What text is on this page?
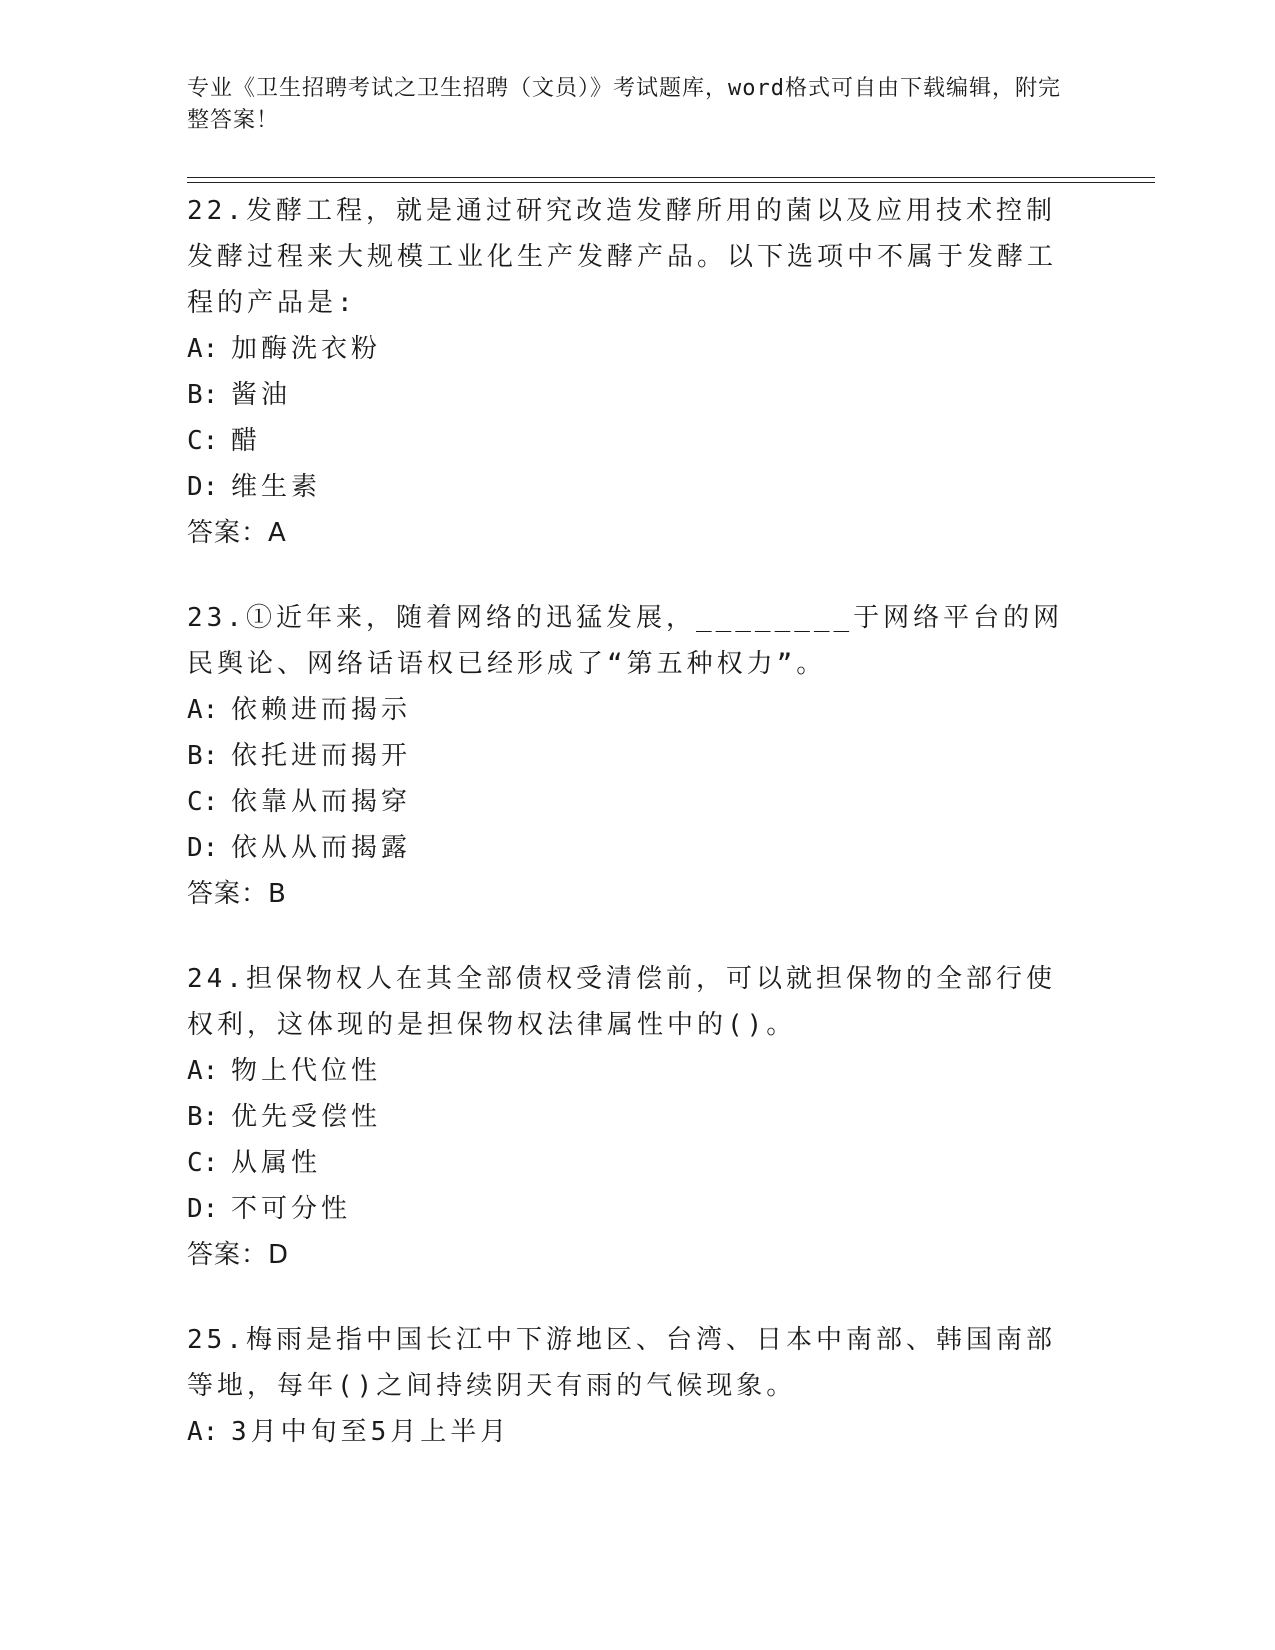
专业《卫生招聘考试之卫生招聘（文员）》考试题库，word格式可自由下载编辑，附完整答案！
22.发酵工程，就是通过研究改造发酵所用的菌以及应用技术控制发酵过程来大规模工业化生产发酵产品。以下选项中不属于发酵工程的产品是:
A: 加酶洗衣粉
B: 酱油
C: 醋
D: 维生素
答案：A
23.①近年来，随着网络的迅猛发展，________于网络平台的网民舆论、网络话语权已经形成了“第五种权力”。
A: 依赖进而揭示
B: 依托进而揭开
C: 依靠从而揭穿
D: 依从从而揭露
答案：B
24.担保物权人在其全部债权受清偿前，可以就担保物的全部行使权利，这体现的是担保物权法律属性中的()。
A: 物上代位性
B: 优先受偿性
C: 从属性
D: 不可分性
答案：D
25.梅雨是指中国长江中下游地区、台湾、日本中南部、韩国南部等地，每年()之间持续阴天有雨的气候现象。
A: 3月中旬至5月上半月
